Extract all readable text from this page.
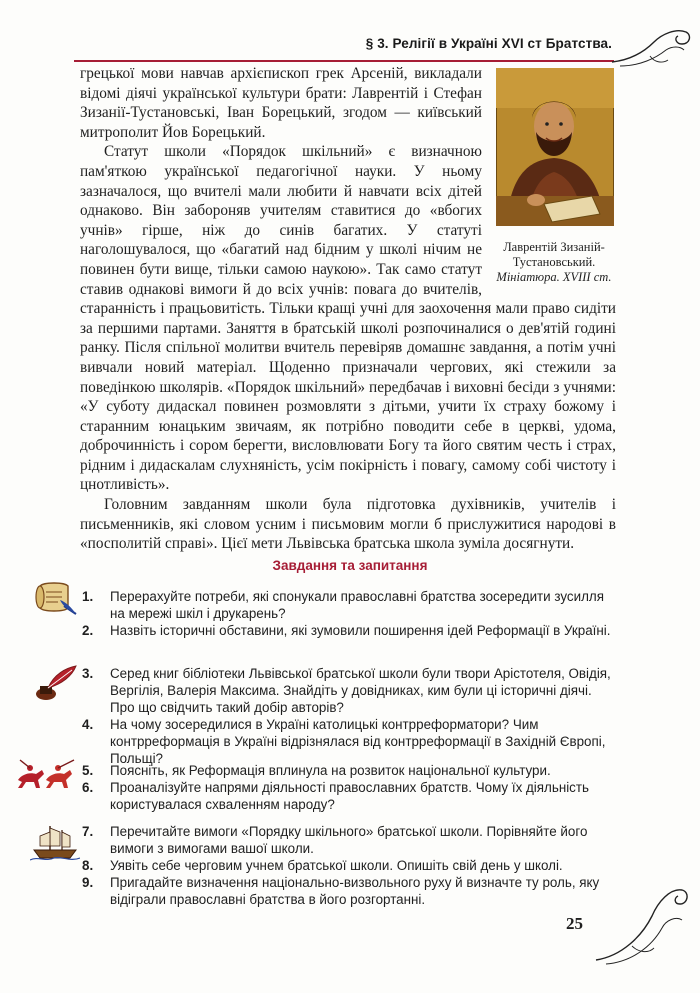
§ 3. Релігії в Україні XVI ст Братства.
Лаврентій Зизаній-Тустановський.
Мініатюра. XVIII ст.

грецької мови навчав архієпископ грек Арсеній, викладали відомі діячі української культури брати: Лаврентій і Стефан Зизанії-Тустановські, Іван Борецький, згодом — київський митрополит Йов Борецький.

Статут школи «Порядок шкільний» є визначною пам'яткою української педагогічної науки. У ньому зазначалося, що вчителі мали любити й навчати всіх дітей однаково. Він забороняв учителям ставитися до «вбогих учнів» гірше, ніж до синів багатих. У статуті наголошувалося, що «багатий над бідним у школі нічим не повинен бути вище, тільки самою наукою». Так само статут ставив однакові вимоги й до всіх учнів: повага до вчителів, старанність і працьовитість. Тільки кращі учні для заохочення мали право сидіти за першими партами. Заняття в братській школі розпочиналися о дев'ятій годині ранку. Після спільної молитви вчитель перевіряв домашнє завдання, а потім учні вивчали новий матеріал. Щоденно призначали чергових, які стежили за поведінкою школярів. «Порядок шкільний» передбачав і виховні бесіди з учнями: «У суботу дидаскал повинен розмовляти з дітьми, учити їх страху божому і старанним юнацьким звичаям, як потрібно поводити себе в церкві, удома, доброчинність і сором берегти, висловлювати Богу та його святим честь і страх, рідним і дидаскалам слухняність, усім покірність і повагу, самому собі чистоту і цнотливість».

Головним завданням школи була підготовка духівників, учителів і письменників, які словом усним і письмовим могли б прислужитися народові в «посполитій справі». Цієї мети Львівська братська школа зуміла досягнути.

Завдання та запитання
1.	Перерахуйте потреби, які спонукали православні братства зосередити зусилля на мережі шкіл і друкарень?
2.	Назвіть історичні обставини, які зумовили поширення ідей Реформації в Україні.
3.	Серед книг бібліотеки Львівської братської школи були твори Арістотеля, Овідія, Вергілія, Валерія Максима. Знайдіть у довідниках, ким були ці історичні діячі. Про що свідчить такий добір авторів?
4.	На чому зосередилися в Україні католицькі контрреформатори? Чим контрреформація в Україні відрізнялася від контрреформації в Західній Європі, Польщі?
5.	Поясніть, як Реформація вплинула на розвиток національної культури.
6.	Проаналізуйте напрями діяльності православних братств. Чому їх діяльність користувалася схваленням народу?
7.	Перечитайте вимоги «Порядку шкільного» братської школи. Порівняйте його вимоги з вимогами вашої школи.
8.	Уявіть себе черговим учнем братської школи. Опишіть свій день у школі.
9.	Пригадайте визначення національно-визвольного руху й визначте ту роль, яку відіграли православні братства в його розгортанні.
25
